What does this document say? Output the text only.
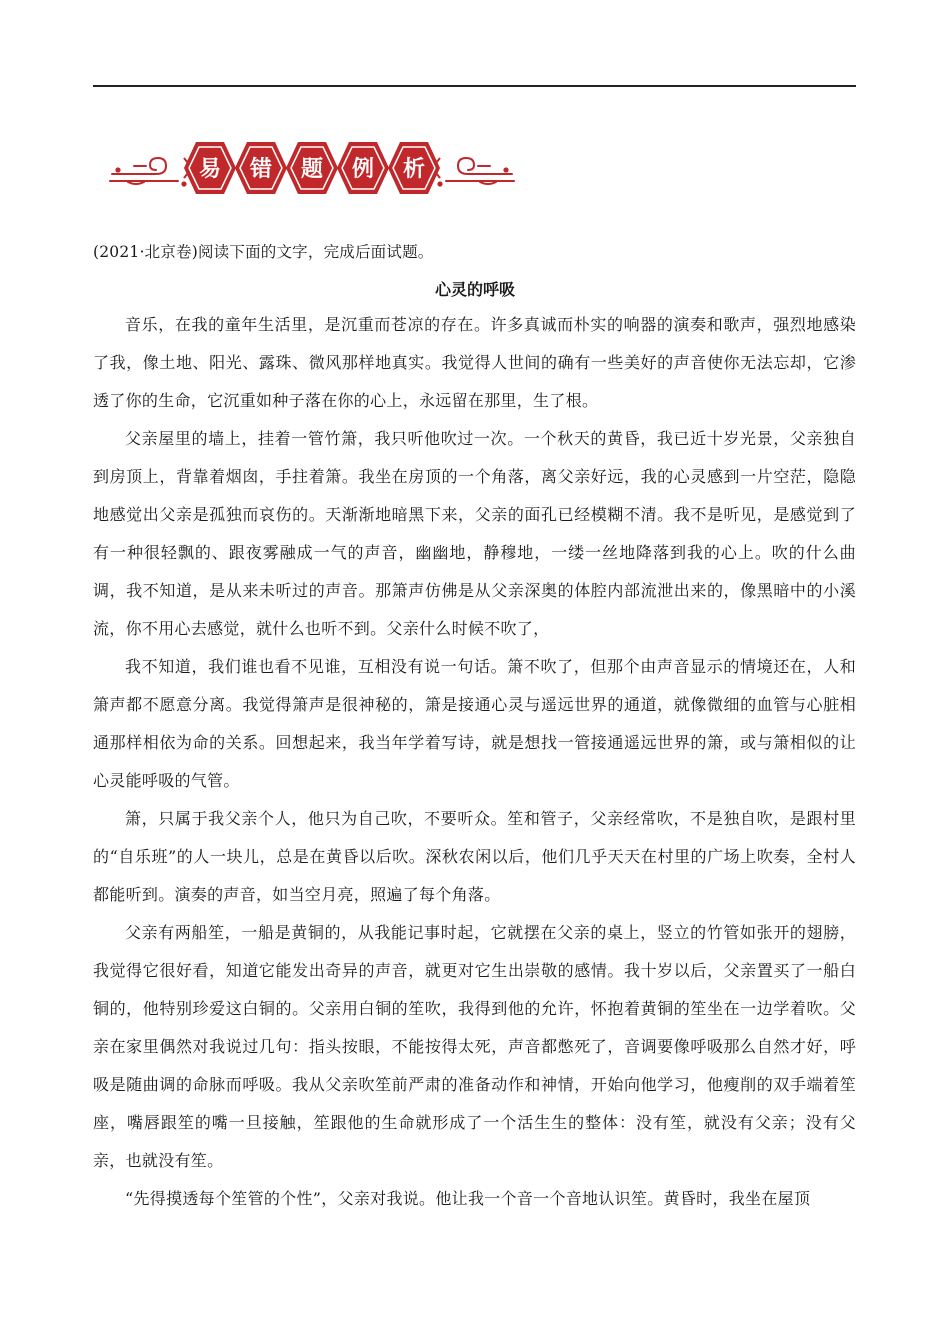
易 错 题 例 析
(2021·北京卷)阅读下面的文字，完成后面试题。
心灵的呼吸

音乐，在我的童年生活里，是沉重而苍凉的存在。许多真诚而朴实的响器的演奏和歌声，强烈地感染了我，像土地、阳光、露珠、微风那样地真实。我觉得人世间的确有一些美好的声音使你无法忘却，它渗透了你的生命，它沉重如种子落在你的心上，永远留在那里，生了根。

父亲屋里的墙上，挂着一管竹箫，我只听他吹过一次。一个秋天的黄昏，我已近十岁光景，父亲独自到房顶上，背靠着烟囱，手拄着箫。我坐在房顶的一个角落，离父亲好远，我的心灵感到一片空茫，隐隐地感觉出父亲是孤独而哀伤的。天渐渐地暗黑下来，父亲的面孔已经模糊不清。我不是听见，是感觉到了有一种很轻飘的、跟夜雾融成一气的声音，幽幽地，静穆地，一缕一丝地降落到我的心上。吹的什么曲调，我不知道，是从来未听过的声音。那箫声仿佛是从父亲深奥的体腔内部流泄出来的，像黑暗中的小溪流，你不用心去感觉，就什么也听不到。父亲什么时候不吹了，

我不知道，我们谁也看不见谁，互相没有说一句话。箫不吹了，但那个由声音显示的情境还在，人和箫声都不愿意分离。我觉得箫声是很神秘的，箫是接通心灵与遥远世界的通道，就像微细的血管与心脏相通那样相依为命的关系。回想起来，我当年学着写诗，就是想找一管接通遥远世界的箫，或与箫相似的让心灵能呼吸的气管。

箫，只属于我父亲个人，他只为自己吹，不要听众。笙和管子，父亲经常吹，不是独自吹，是跟村里的“自乐班”的人一块儿，总是在黄昏以后吹。深秋农闲以后，他们几乎天天在村里的广场上吹奏，全村人都能听到。演奏的声音，如当空月亮，照遍了每个角落。

父亲有两船笙，一船是黄铜的，从我能记事时起，它就摆在父亲的桌上，竖立的竹管如张开的翅膀，我觉得它很好看，知道它能发出奇异的声音，就更对它生出崇敬的感情。我十岁以后，父亲置买了一船白铜的，他特别珍爱这白铜的。父亲用白铜的笙吹，我得到他的允许，怀抱着黄铜的笙坐在一边学着吹。父亲在家里偶然对我说过几句：指头按眼，不能按得太死，声音都憋死了，音调要像呼吸那么自然才好，呼吸是随曲调的命脉而呼吸。我从父亲吹笙前严肃的准备动作和神情，开始向他学习，他瘦削的双手端着笙座，嘴唇跟笙的嘴一旦接触，笙跟他的生命就形成了一个活生生的整体：没有笙，就没有父亲；没有父亲，也就没有笙。

“先得摸透每个笙管的个性”，父亲对我说。他让我一个音一个音地认识笙。黄昏时，我坐在屋顶
